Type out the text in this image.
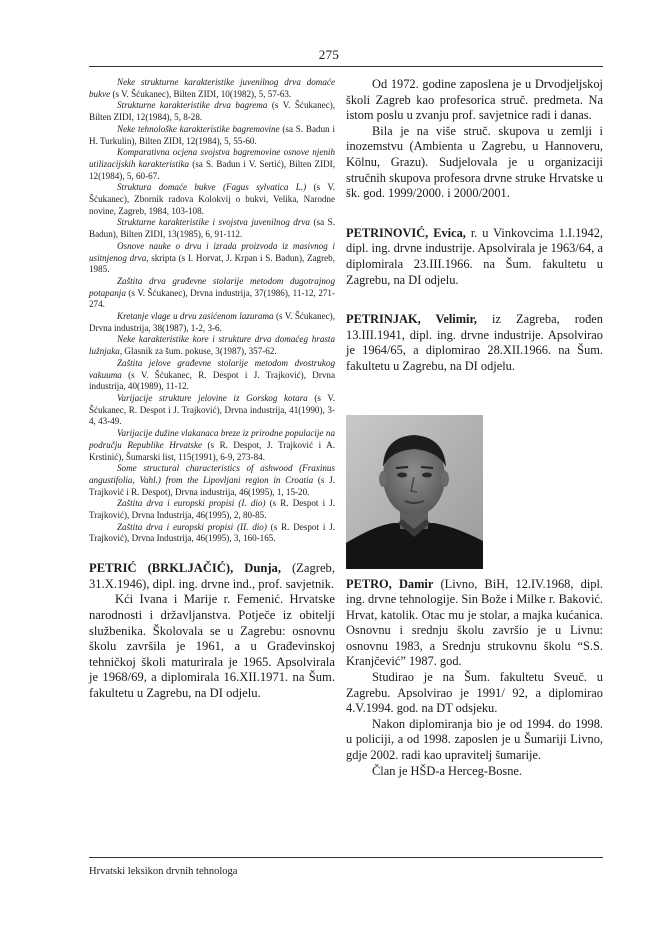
275

Neke strukturne karakteristike juvenilnog drva domaće bukve (s V. Šćukanec), Bilten ZIDI, 10(1982), 5, 57-63.

Strukturne karakteristike drva bagrema (s V. Šćukanec), Bilten ZIDI, 12(1984), 5, 8-28.

Neke tehnološke karakteristike bagremovine (sa S. Badun i H. Turkulin), Bilten ZIDI, 12(1984), 5, 55-60.

Komparativna ocjena svojstva bagremovine osnove njenih utilizacijskih karakteristika (sa S. Badun i V. Sertić), Bilten ZIDI, 12(1984), 5, 60-67.

Struktura domaće bukve (Fagus sylvatica L.) (s V. Šćukanec), Zbornik radova Kolokvij o bukvi, Velika, Narodne novine, Zagreb, 1984, 103-108.

Strukturne karakteristike i svojstva juvenilnog drva (sa S. Badun), Bilten ZIDI, 13(1985), 6, 91-112.

Osnove nauke o drvu i izrada proizvoda iz masivnog i usitnjenog drva, skripta (s I. Horvat, J. Krpan i S. Badun), Zagreb, 1985.

Zaštita drva građevne stolarije metodom dugotrajnog potapanja (s V. Šćukanec), Drvna industrija, 37(1986), 11-12, 271-274.

Kretanje vlage u drvu zasićenom lazurama (s V. Šćukanec), Drvna industrija, 38(1987), 1-2, 3-6.

Neke karakteristike kore i strukture drva domaćeg hrasta lužnjaka, Glasnik za šum. pokuse, 3(1987), 357-62.

Zaštita jelove građevne stolarije metodom dvostrukog vakuuma (s V. Šćukanec, R. Despot i J. Trajković), Drvna industrija, 40(1989), 11-12.

Varijacije strukture jelovine iz Gorskog kotara (s V. Šćukanec, R. Despot i J. Trajković), Drvna industrija, 41(1990), 3-4, 43-49.

Varijacije dužine vlakanaca breze iz prirodne populacije na području Republike Hrvatske (s R. Despot, J. Trajković i A. Krstinić), Šumarski list, 115(1991), 6-9, 273-84.

Some structural characteristics of ashwood (Fraxinus angustifolia, Vahl.) from the Lipovljani region in Croatia (s J. Trajković i R. Despot), Drvna industrija, 46(1995), 1, 15-20.

Zaštita drva i europski propisi (I. dio) (s R. Despot i J. Trajković), Drvna Industrija, 46(1995), 2, 80-85.

Zaštita drva i europski propisi (II. dio) (s R. Despot i J. Trajković), Drvna Industrija, 46(1995), 3, 160-165.

PETRIĆ (BRKLJAČIĆ), Dunja, (Zagreb, 31.X.1946), dipl. ing. drvne ind., prof. savjetnik.

Kći Ivana i Marije r. Femenić. Hrvatske narodnosti i državljanstva. Potječe iz obitelji službenika. Školovala se u Zagrebu: osnovnu školu završila je 1961, a u Građevinskoj tehničkoj školi maturirala je 1965. Apsolvirala je 1968/69, a diplomirala 16.XII.1971. na Šum. fakultetu u Zagrebu, na DI odjelu.

Od 1972. godine zaposlena je u Drvodjeljskoj školi Zagreb kao profesorica struč. predmeta. Na istom poslu u zvanju prof. savjetnice radi i danas.

Bila je na više struč. skupova u zemlji i inozemstvu (Ambienta u Zagrebu, u Hannoveru, Kölnu, Grazu). Sudjelovala je u organizaciji stručnih skupova profesora drvne struke Hrvatske u šk. god. 1999/2000. i 2000/2001.

PETRINOVIĆ, Evica, r. u Vinkovcima 1.I.1942, dipl. ing. drvne industrije. Apsolvirala je 1963/64, a diplomirala 23.III.1966. na Šum. fakultetu u Zagrebu, na DI odjelu.

PETRINJAK, Velimir, iz Zagreba, rođen 13.III.1941, dipl. ing. drvne industrije. Apsolvirao je 1964/65, a diplomirao 28.XII.1966. na Šum. fakultetu u Zagrebu, na DI odjelu.

PETRO, Damir (Livno, BiH, 12.IV.1968, dipl. ing. drvne tehnologije. Sin Bože i Milke r. Baković. Hrvat, katolik. Otac mu je stolar, a majka kućanica. Osnovnu i srednju školu završio je u Livnu: osnovnu 1983, a Srednju strukovnu školu “S.S. Kranjčević” 1987. god.

Studirao je na Šum. fakultetu Sveuč. u Zagrebu. Apsolvirao je 1991/ 92, a diplomirao 4.V.1994. god. na DT odsjeku.

Nakon diplomiranja bio je od 1994. do 1998. u policiji, a od 1998. zaposlen je u Šumariji Livno, gdje 2002. radi kao upravitelj šumarije.

Član je HŠD-a Herceg-Bosne.

Hrvatski leksikon drvnih tehnologa
